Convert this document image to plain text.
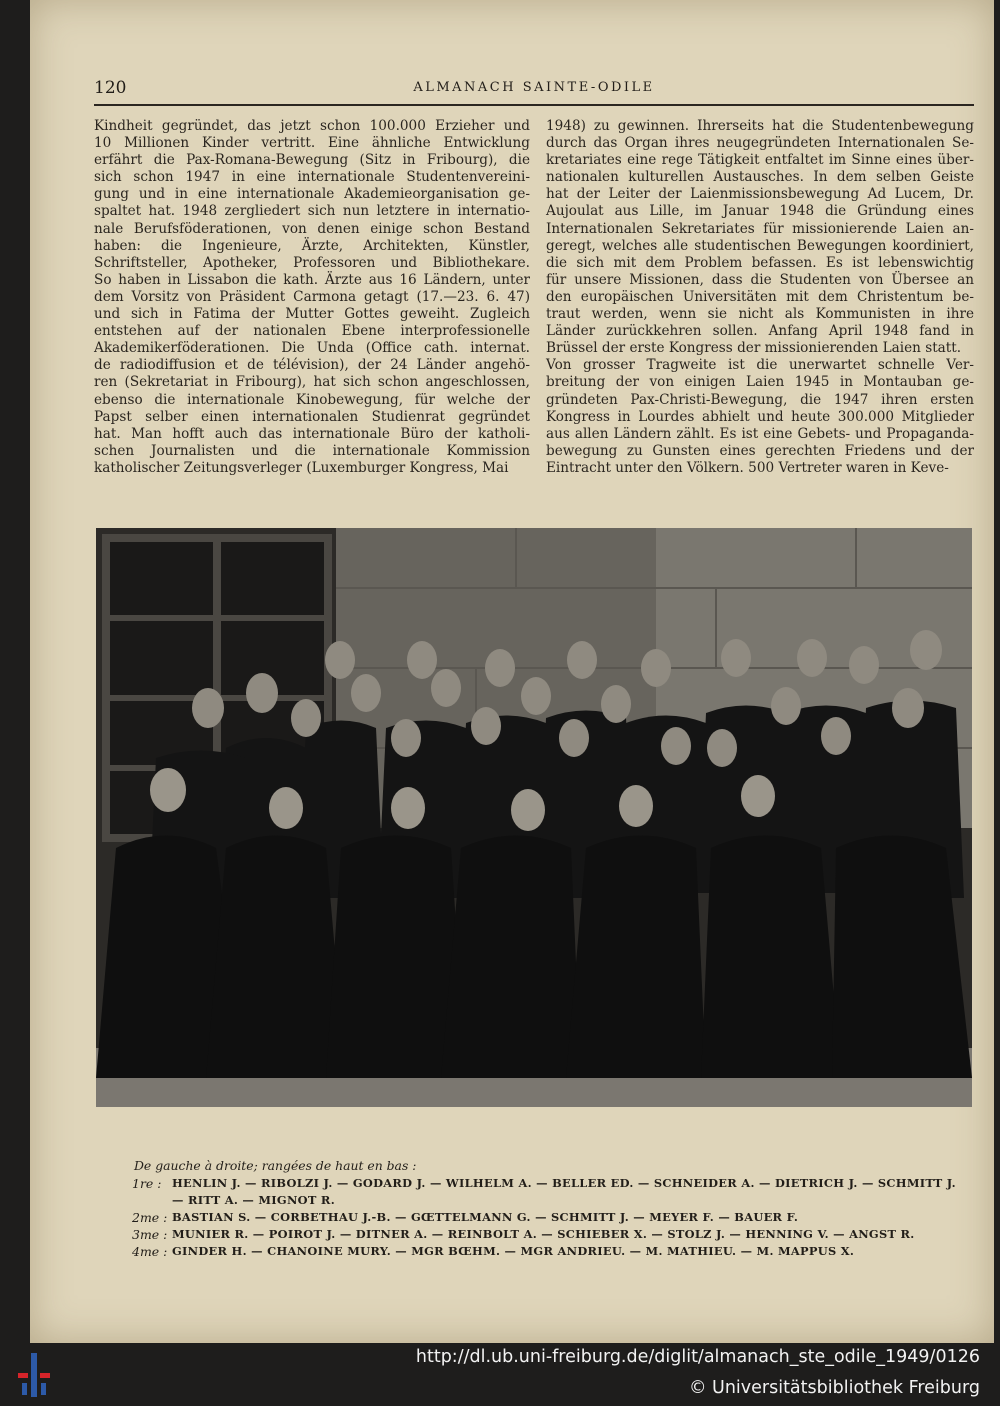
120	ALMANACH SAINTE-ODILE
Kindheit gegründet, das jetzt schon 100.000 Erzieher und
10 Millionen Kinder vertritt. Eine ähnliche Entwicklung
erfährt die Pax-Romana-Bewegung (Sitz in Fribourg), die
sich schon 1947 in eine internationale Studentenvereini-
gung und in eine internationale Akademieorganisation ge-
spaltet hat. 1948 zergliedert sich nun letztere in internatio-
nale Berufsföderationen, von denen einige schon Bestand
haben: die Ingenieure, Ärzte, Architekten, Künstler,
Schriftsteller, Apotheker, Professoren und Bibliothekare.
So haben in Lissabon die kath. Ärzte aus 16 Ländern, unter
dem Vorsitz von Präsident Carmona getagt (17.—23. 6. 47)
und sich in Fatima der Mutter Gottes geweiht. Zugleich
entstehen auf der nationalen Ebene interprofessionelle
Akademikerföderationen. Die Unda (Office cath. internat.
de radiodiffusion et de télévision), der 24 Länder angehö-
ren (Sekretariat in Fribourg), hat sich schon angeschlossen,
ebenso die internationale Kinobewegung, für welche der
Papst selber einen internationalen Studienrat gegründet
hat. Man hofft auch das internationale Büro der katholi-
schen Journalisten und die internationale Kommission
katholischer Zeitungsverleger (Luxemburger Kongress, Mai
1948) zu gewinnen. Ihrerseits hat die Studentenbewegung
durch das Organ ihres neugegründeten Internationalen Se-
kretariates eine rege Tätigkeit entfaltet im Sinne eines über-
nationalen kulturellen Austausches. In dem selben Geiste
hat der Leiter der Laienmissionsbewegung Ad Lucem, Dr.
Aujoulat aus Lille, im Januar 1948 die Gründung eines
Internationalen Sekretariates für missionierende Laien an-
geregt, welches alle studentischen Bewegungen koordiniert,
die sich mit dem Problem befassen. Es ist lebenswichtig
für unsere Missionen, dass die Studenten von Übersee an
den europäischen Universitäten mit dem Christentum be-
traut werden, wenn sie nicht als Kommunisten in ihre
Länder zurückkehren sollen. Anfang April 1948 fand in
Brüssel der erste Kongress der missionierenden Laien statt.
Von grosser Tragweite ist die unerwartet schnelle Ver-
breitung der von einigen Laien 1945 in Montauban ge-
gründeten Pax-Christi-Bewegung, die 1947 ihren ersten
Kongress in Lourdes abhielt und heute 300.000 Mitglieder
aus allen Ländern zählt. Es ist eine Gebets- und Propaganda-
bewegung zu Gunsten eines gerechten Friedens und der
Eintracht unter den Völkern. 500 Vertreter waren in Keve-
De gauche à droite; rangées de haut en bas :
1re : HENLIN J. — RIBOLZI J. — GODARD J. — WILHELM A. — BELLER ED. — SCHNEIDER A. — DIETRICH J. — SCHMITT J.
— RITT A. — MIGNOT R.
2me : BASTIAN S. — CORBETHAU J.-B. — GŒTTELMANN G. — SCHMITT J. — MEYER F. — BAUER F.
3me : MUNIER R. — POIROT J. — DITNER A. — REINBOLT A. — SCHIEBER X. — STOLZ J. — HENNING V. — ANGST R.
4me : GINDER H. — CHANOINE MURY. — MGR BŒHM. — MGR ANDRIEU. — M. MATHIEU. — M. MAPPUS X.
http://dl.ub.uni-freiburg.de/diglit/almanach_ste_odile_1949/0126
© Universitätsbibliothek Freiburg
